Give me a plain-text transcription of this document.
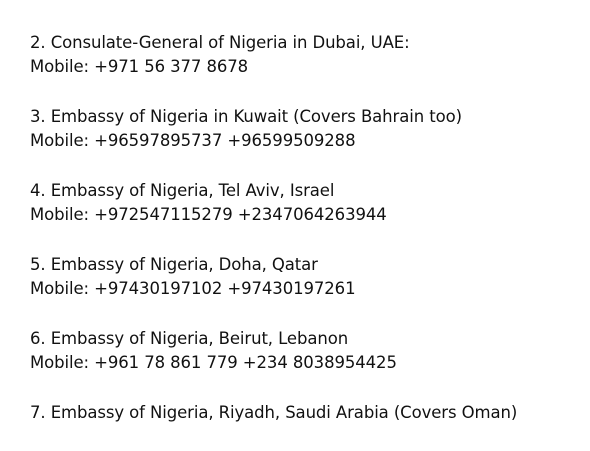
2. Consulate-General of Nigeria in Dubai, UAE:
Mobile: +971 56 377 8678
3. Embassy of Nigeria in Kuwait (Covers Bahrain too)
Mobile: +96597895737 +96599509288
4. Embassy of Nigeria, Tel Aviv, Israel
Mobile: +972547115279 +2347064263944
5. Embassy of Nigeria, Doha, Qatar
Mobile: +97430197102 +97430197261
6. Embassy of Nigeria, Beirut, Lebanon
Mobile: +961 78 861 779 +234 8038954425
7. Embassy of Nigeria, Riyadh, Saudi Arabia (Covers Oman)
